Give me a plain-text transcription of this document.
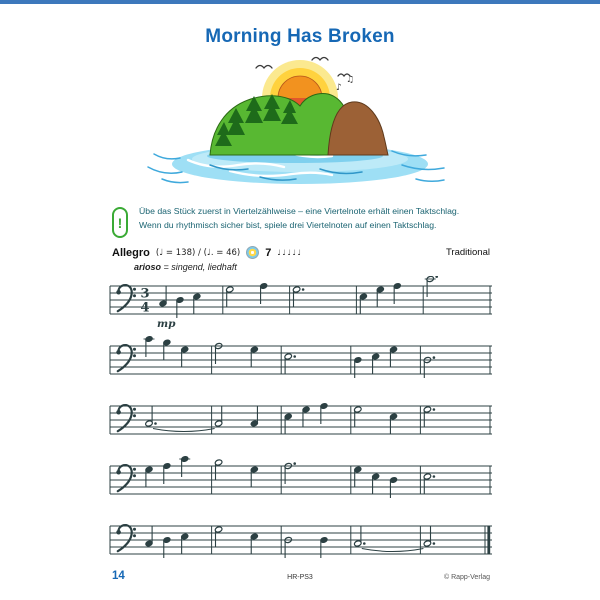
Morning Has Broken
♪
♫
!
Übe das Stück zuerst in Viertelzählweise – eine Viertelnote erhält einen Taktschlag.
Wenn du rhythmisch sicher bist, spiele drei Viertelnoten auf einen Taktschlag.
Allegro (♩ = 138) / (♩. = 46) 7 ♩♩♩♩♩	Traditional
arioso = singend, liedhaft
3
4
mp
14	HR-PS3	© Rapp-Verlag
